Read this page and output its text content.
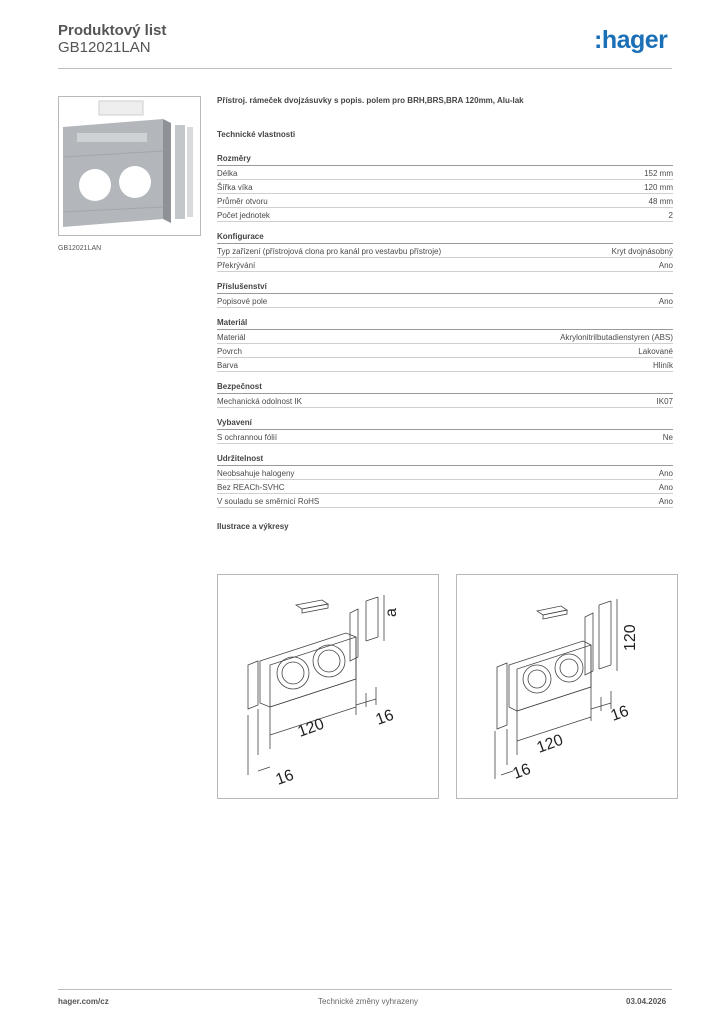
Produktový list
GB12021LAN	:hager
GB12021LAN
Přístroj. rámeček dvojzásuvky s popis. polem pro BRH,BRS,BRA 120mm, Alu-lak
Technické vlastnosti
Rozměry
Délka	152 mm
Šířka víka	120 mm
Průměr otvoru	48 mm
Počet jednotek	2
Konfigurace
Typ zařízení (přístrojová clona pro kanál pro vestavbu přístroje)	Kryt dvojnásobný
Překrývání	Ano
Příslušenství
Popisové pole	Ano
Materiál
Materiál	Akrylonitrilbutadienstyren (ABS)
Povrch	Lakované
Barva	Hliník
Bezpečnost
Mechanická odolnost IK	IK07
Vybavení
S ochrannou fólií	Ne
Udržitelnost
Neobsahuje halogeny	Ano
Bez REACh-SVHC	Ano
V souladu se směrnicí RoHS	Ano
Ilustrace a výkresy
a
120	16
16
120
120
16
16
hager.com/cz	Technické změny vyhrazeny	03.04.2026
